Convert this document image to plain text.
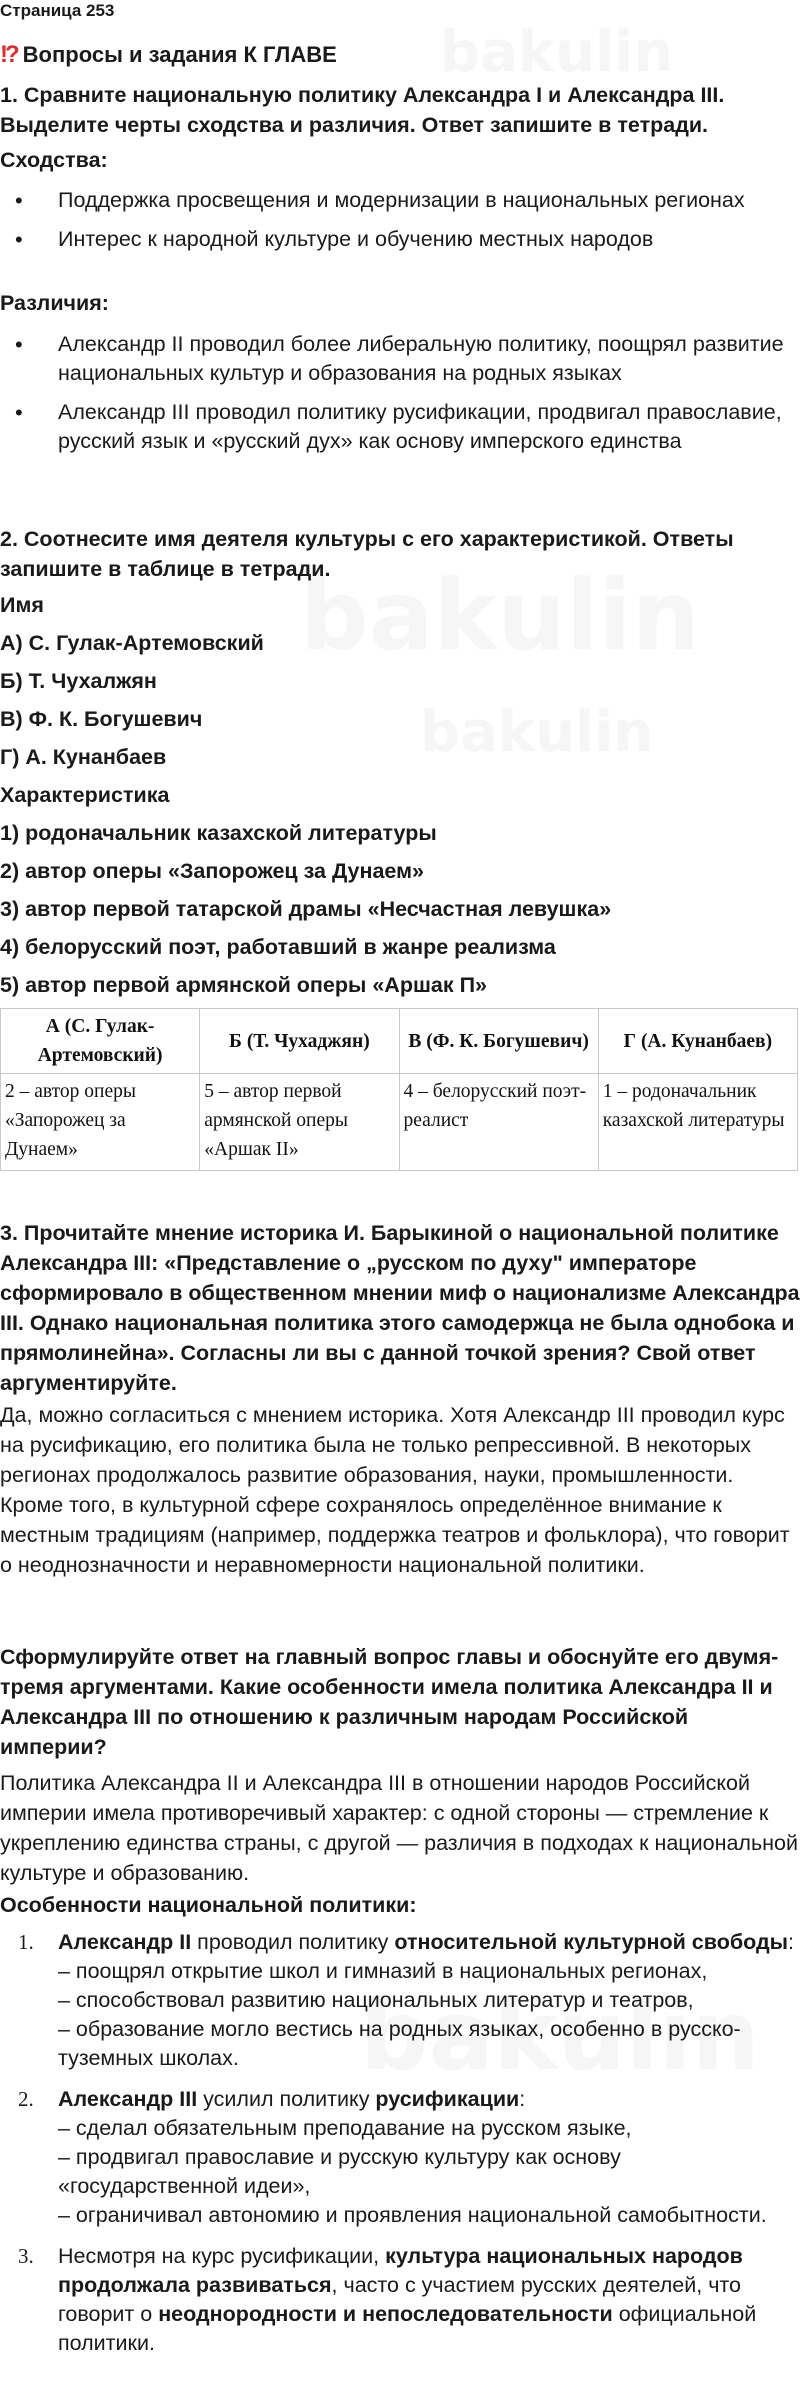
Страница 253
!? Вопросы и задания К ГЛАВЕ
1. Сравните национальную политику Александра I и Александра III. Выделите черты сходства и различия. Ответ запишите в тетради.
Сходства:
• Поддержка просвещения и модернизации в национальных регионах
• Интерес к народной культуре и обучению местных народов
Различия:
• Александр II проводил более либеральную политику, поощрял развитие национальных культур и образования на родных языках
• Александр III проводил политику русификации, продвигал православие, русский язык и «русский дух» как основу имперского единства
2. Соотнесите имя деятеля культуры с его характеристикой. Ответы запишите в таблице в тетради.
Имя
А) С. Гулак-Артемовский
Б) Т. Чухалжян
В) Ф. К. Богушевич
Г) А. Кунанбаев
Характеристика
1) родоначальник казахской литературы
2) автор оперы «Запорожец за Дунаем»
3) автор первой татарской драмы «Несчастная левушка»
4) белорусский поэт, работавший в жанре реализма
5) автор первой армянской оперы «Аршак П»
А (С. Гулак-Артемовский)	Б (Т. Чухаджян)	В (Ф. К. Богушевич)	Г (А. Кунанбаев)
2 – автор оперы «Запорожец за Дунаем»	5 – автор первой армянской оперы «Аршак II»	4 – белорусский поэт-реалист	1 – родоначальник казахской литературы
3. Прочитайте мнение историка И. Барыкиной о национальной политике Александра III: «Представление о „русском по духу" императоре сформировало в общественном мнении миф о национализме Александра III. Однако национальная политика этого самодержца не была однобока и прямолинейна». Согласны ли вы с данной точкой зрения? Свой ответ аргументируйте.
Да, можно согласиться с мнением историка. Хотя Александр III проводил курс на русификацию, его политика была не только репрессивной. В некоторых регионах продолжалось развитие образования, науки, промышленности. Кроме того, в культурной сфере сохранялось определённое внимание к местным традициям (например, поддержка театров и фольклора), что говорит о неоднозначности и неравномерности национальной политики.
Сформулируйте ответ на главный вопрос главы и обоснуйте его двумя-тремя аргументами. Какие особенности имела политика Александра II и Александра III по отношению к различным народам Российской империи?
Политика Александра II и Александра III в отношении народов Российской империи имела противоречивый характер: с одной стороны — стремление к укреплению единства страны, с другой — различия в подходах к национальной культуре и образованию.
Особенности национальной политики:
1. Александр II проводил политику относительной культурной свободы:
– поощрял открытие школ и гимназий в национальных регионах,
– способствовал развитию национальных литератур и театров,
– образование могло вестись на родных языках, особенно в русско-туземных школах.
2. Александр III усилил политику русификации:
– сделал обязательным преподавание на русском языке,
– продвигал православие и русскую культуру как основу «государственной идеи»,
– ограничивал автономию и проявления национальной самобытности.
3. Несмотря на курс русификации, культура национальных народов продолжала развиваться, часто с участием русских деятелей, что говорит о неоднородности и непоследовательности официальной политики.
